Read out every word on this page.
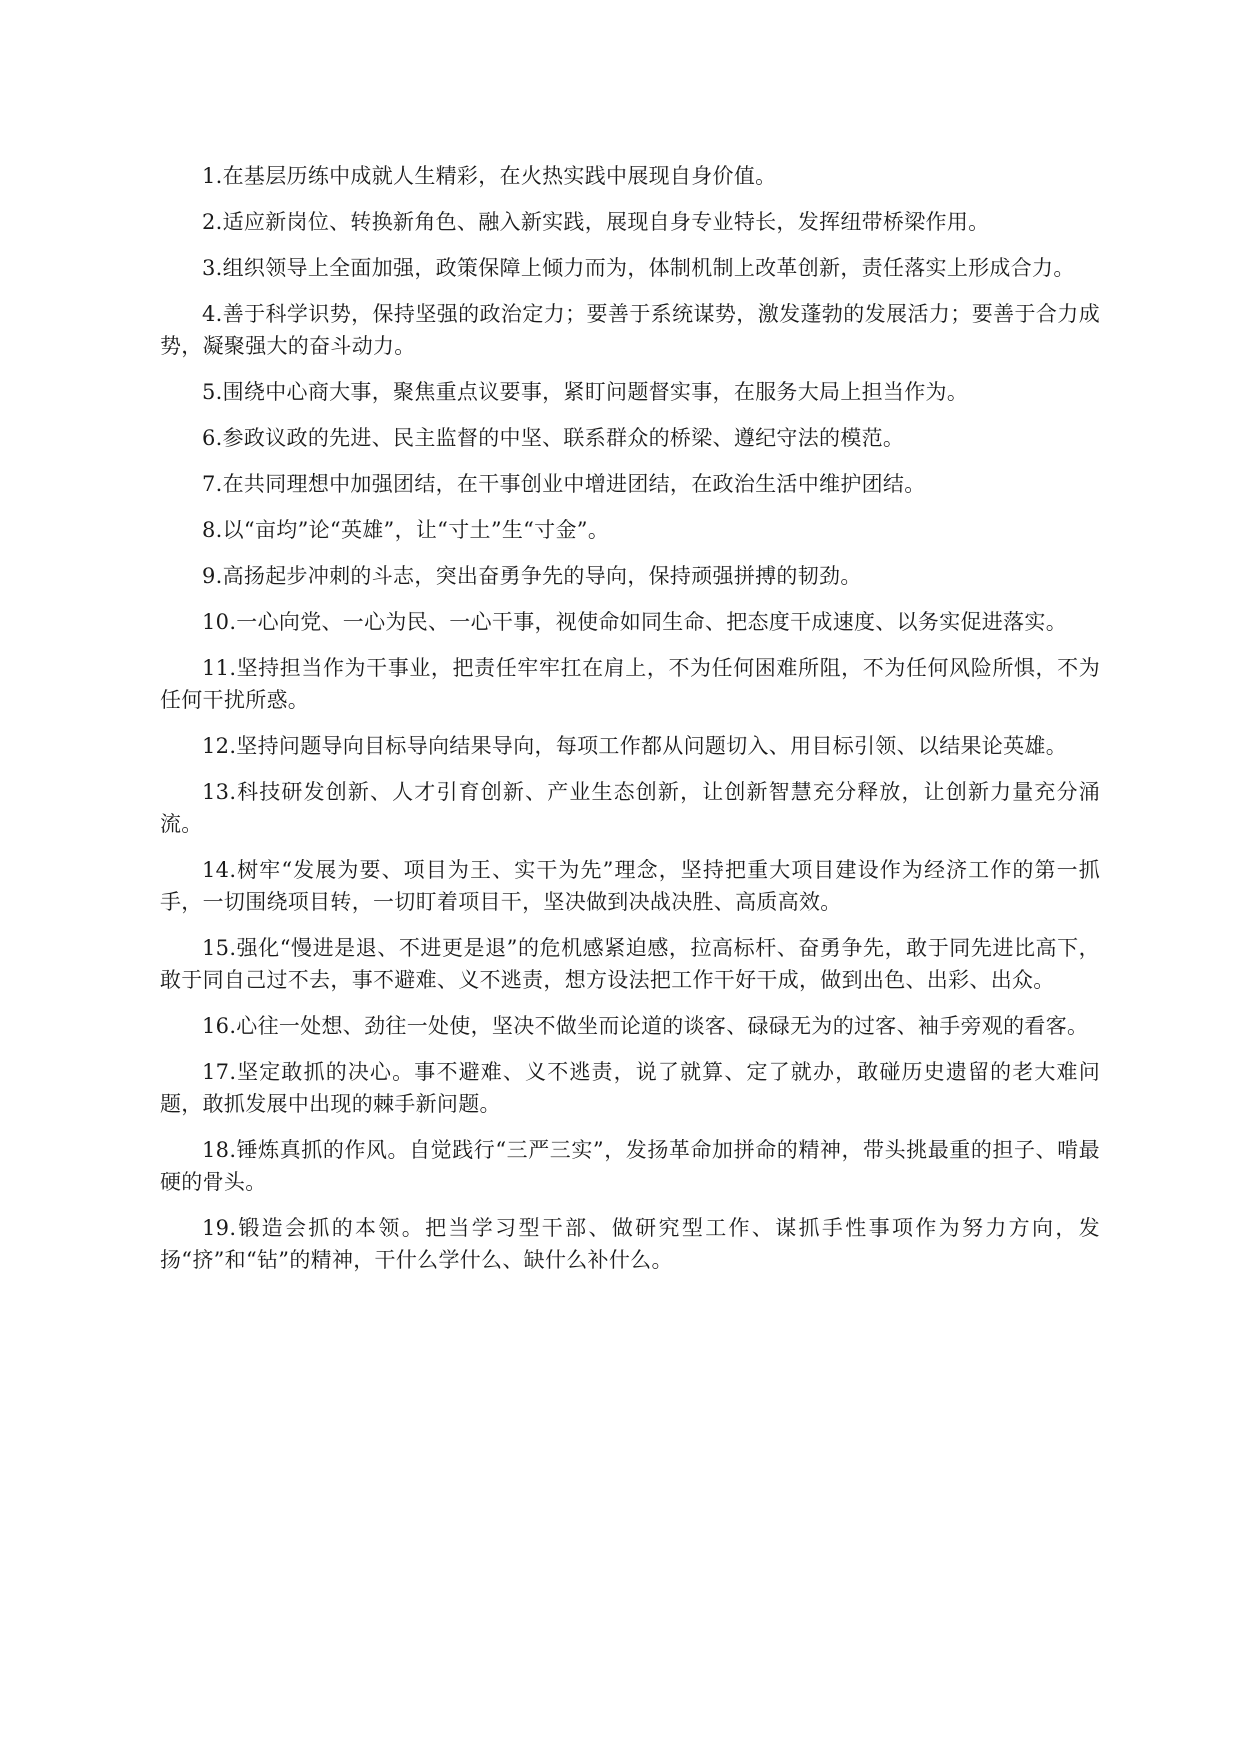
1.在基层历练中成就人生精彩，在火热实践中展现自身价值。

2.适应新岗位、转换新角色、融入新实践，展现自身专业特长，发挥纽带桥梁作用。

3.组织领导上全面加强，政策保障上倾力而为，体制机制上改革创新，责任落实上形成合力。

4.善于科学识势，保持坚强的政治定力；要善于系统谋势，激发蓬勃的发展活力；要善于合力成势，凝聚强大的奋斗动力。

5.围绕中心商大事，聚焦重点议要事，紧盯问题督实事，在服务大局上担当作为。

6.参政议政的先进、民主监督的中坚、联系群众的桥梁、遵纪守法的模范。

7.在共同理想中加强团结，在干事创业中增进团结，在政治生活中维护团结。

8.以“亩均”论“英雄”，让“寸土”生“寸金”。

9.高扬起步冲刺的斗志，突出奋勇争先的导向，保持顽强拼搏的韧劲。

10.一心向党、一心为民、一心干事，视使命如同生命、把态度干成速度、以务实促进落实。

11.坚持担当作为干事业，把责任牢牢扛在肩上，不为任何困难所阻，不为任何风险所惧，不为任何干扰所惑。

12.坚持问题导向目标导向结果导向，每项工作都从问题切入、用目标引领、以结果论英雄。

13.科技研发创新、人才引育创新、产业生态创新，让创新智慧充分释放，让创新力量充分涌流。

14.树牢“发展为要、项目为王、实干为先”理念，坚持把重大项目建设作为经济工作的第一抓手，一切围绕项目转，一切盯着项目干，坚决做到决战决胜、高质高效。

15.强化“慢进是退、不进更是退”的危机感紧迫感，拉高标杆、奋勇争先，敢于同先进比高下，敢于同自己过不去，事不避难、义不逃责，想方设法把工作干好干成，做到出色、出彩、出众。

16.心往一处想、劲往一处使，坚决不做坐而论道的谈客、碌碌无为的过客、袖手旁观的看客。

17.坚定敢抓的决心。事不避难、义不逃责，说了就算、定了就办，敢碰历史遗留的老大难问题，敢抓发展中出现的棘手新问题。

18.锤炼真抓的作风。自觉践行“三严三实”，发扬革命加拼命的精神，带头挑最重的担子、啃最硬的骨头。

19.锻造会抓的本领。把当学习型干部、做研究型工作、谋抓手性事项作为努力方向，发扬“挤”和“钻”的精神，干什么学什么、缺什么补什么。
